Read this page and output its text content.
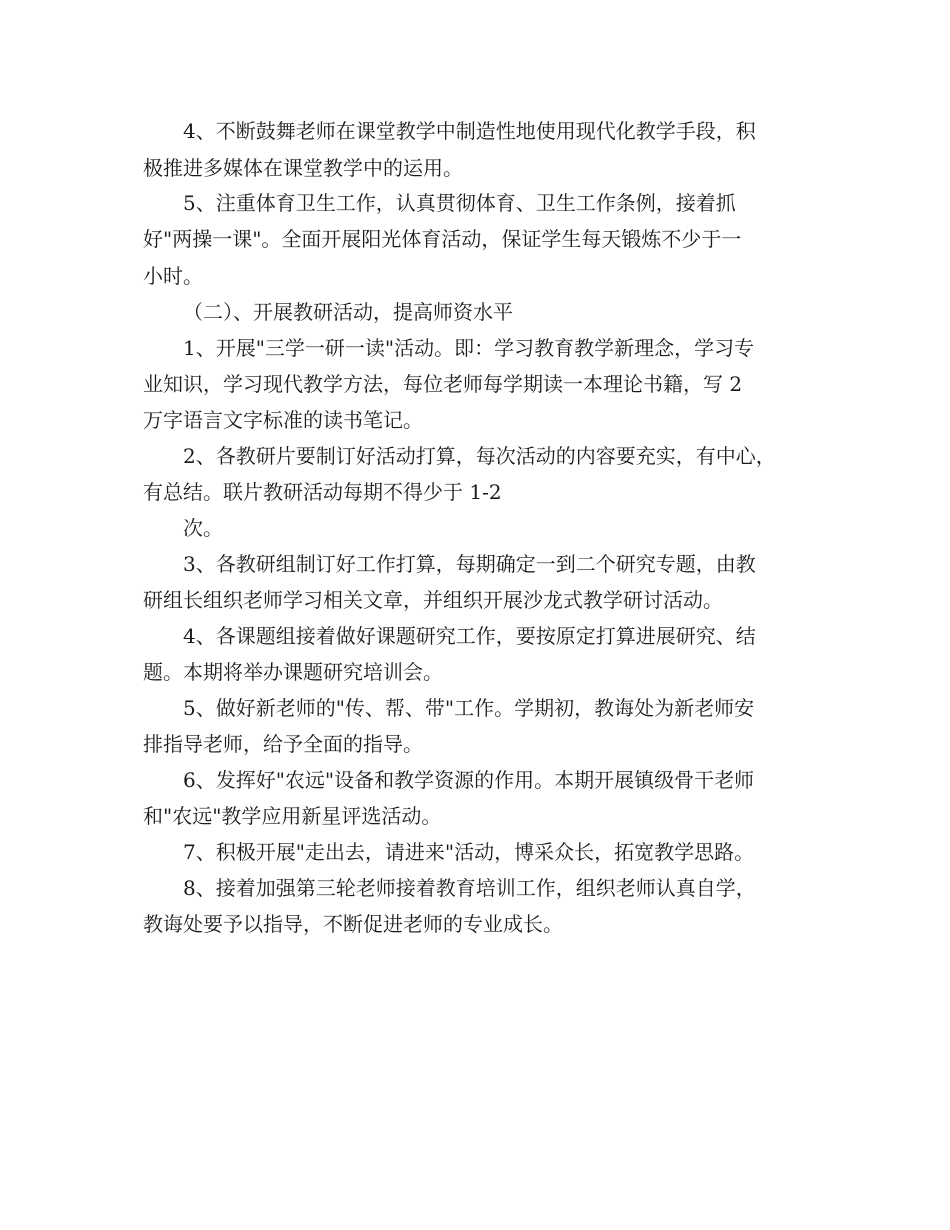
4、不断鼓舞老师在课堂教学中制造性地使用现代化教学手段，积
极推进多媒体在课堂教学中的运用。
5、注重体育卫生工作，认真贯彻体育、卫生工作条例，接着抓
好"两操一课"。全面开展阳光体育活动，保证学生每天锻炼不少于一
小时。
（二）、开展教研活动，提高师资水平
1、开展"三学一研一读"活动。即：学习教育教学新理念，学习专
业知识，学习现代教学方法，每位老师每学期读一本理论书籍，写 2
万字语言文字标准的读书笔记。
2、各教研片要制订好活动打算，每次活动的内容要充实，有中心，
有总结。联片教研活动每期不得少于 1-2
次。
3、各教研组制订好工作打算，每期确定一到二个研究专题，由教
研组长组织老师学习相关文章，并组织开展沙龙式教学研讨活动。
4、各课题组接着做好课题研究工作，要按原定打算进展研究、结
题。本期将举办课题研究培训会。
5、做好新老师的"传、帮、带"工作。学期初，教诲处为新老师安
排指导老师，给予全面的指导。
6、发挥好"农远"设备和教学资源的作用。本期开展镇级骨干老师
和"农远"教学应用新星评选活动。
7、积极开展"走出去，请进来"活动，博采众长，拓宽教学思路。
8、接着加强第三轮老师接着教育培训工作，组织老师认真自学，
教诲处要予以指导，不断促进老师的专业成长。
